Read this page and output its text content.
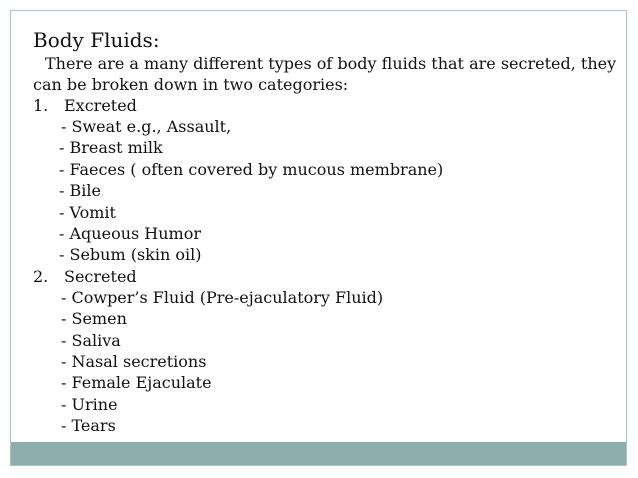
Body Fluids:

There are a many different types of body fluids that are secreted, they

can be broken down in two categories:

1. Excreted

- Sweat e.g., Assault,

- Breast milk

- Faeces ( often covered by mucous membrane)

- Bile

- Vomit

- Aqueous Humor

- Sebum (skin oil)

2. Secreted

- Cowper’s Fluid (Pre-ejaculatory Fluid)

- Semen

- Saliva

- Nasal secretions

- Female Ejaculate

- Urine

- Tears
